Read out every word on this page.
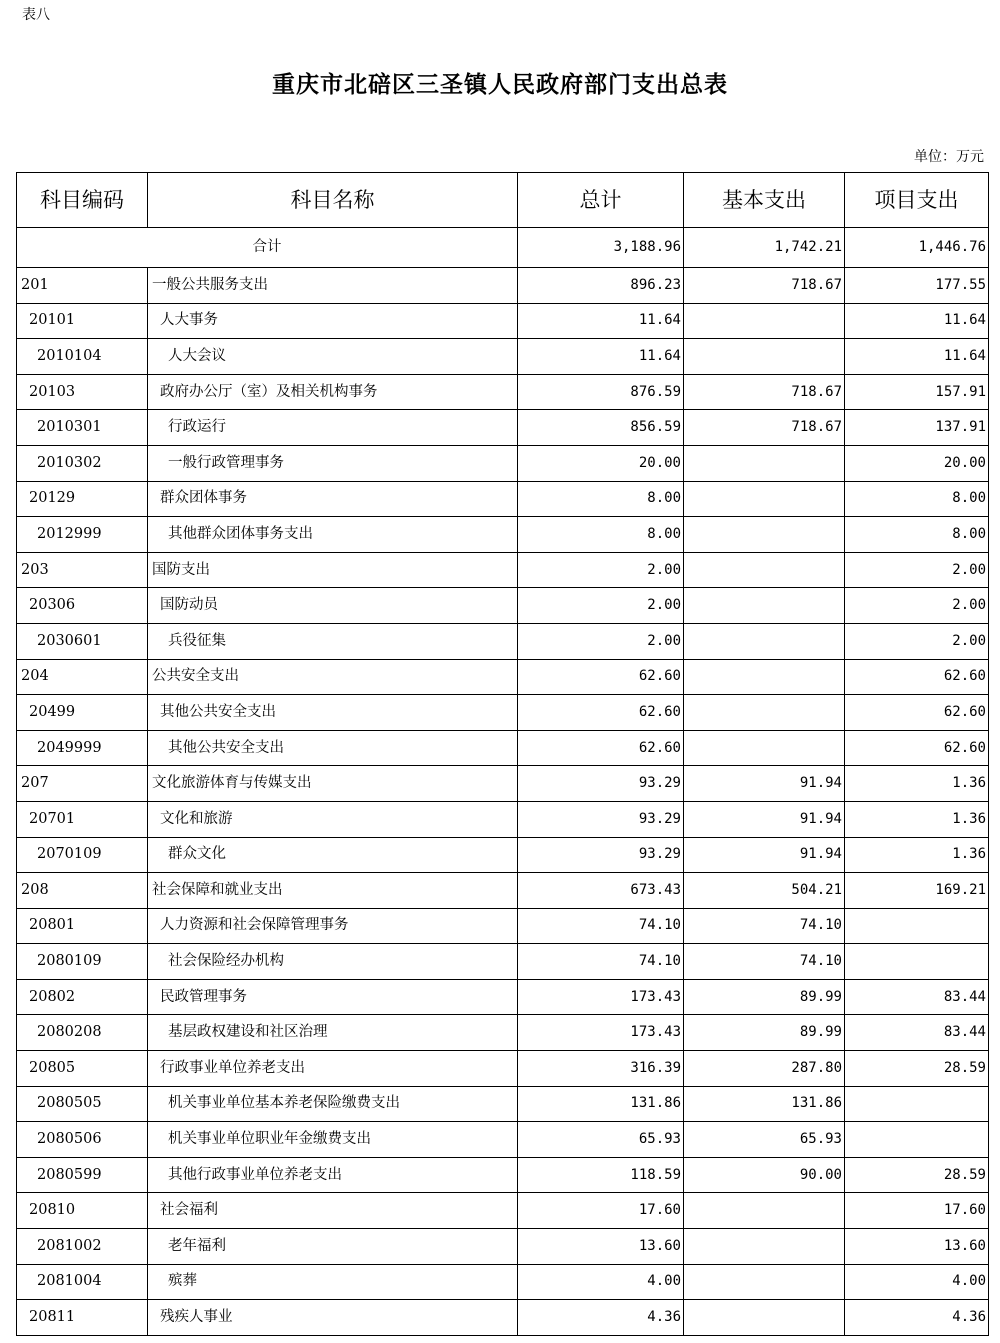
表八
重庆市北碚区三圣镇人民政府部门支出总表
单位：万元
科目编码	科目名称	总计	基本支出	项目支出
合计		3,188.96	1,742.21	1,446.76
201	一般公共服务支出	896.23	718.67	177.55
20101	人大事务	11.64		11.64
2010104	人大会议	11.64		11.64
20103	政府办公厅（室）及相关机构事务	876.59	718.67	157.91
2010301	行政运行	856.59	718.67	137.91
2010302	一般行政管理事务	20.00		20.00
20129	群众团体事务	8.00		8.00
2012999	其他群众团体事务支出	8.00		8.00
203	国防支出	2.00		2.00
20306	国防动员	2.00		2.00
2030601	兵役征集	2.00		2.00
204	公共安全支出	62.60		62.60
20499	其他公共安全支出	62.60		62.60
2049999	其他公共安全支出	62.60		62.60
207	文化旅游体育与传媒支出	93.29	91.94	1.36
20701	文化和旅游	93.29	91.94	1.36
2070109	群众文化	93.29	91.94	1.36
208	社会保障和就业支出	673.43	504.21	169.21
20801	人力资源和社会保障管理事务	74.10	74.10	
2080109	社会保险经办机构	74.10	74.10	
20802	民政管理事务	173.43	89.99	83.44
2080208	基层政权建设和社区治理	173.43	89.99	83.44
20805	行政事业单位养老支出	316.39	287.80	28.59
2080505	机关事业单位基本养老保险缴费支出	131.86	131.86	
2080506	机关事业单位职业年金缴费支出	65.93	65.93	
2080599	其他行政事业单位养老支出	118.59	90.00	28.59
20810	社会福利	17.60		17.60
2081002	老年福利	13.60		13.60
2081004	殡葬	4.00		4.00
20811	残疾人事业	4.36		4.36
